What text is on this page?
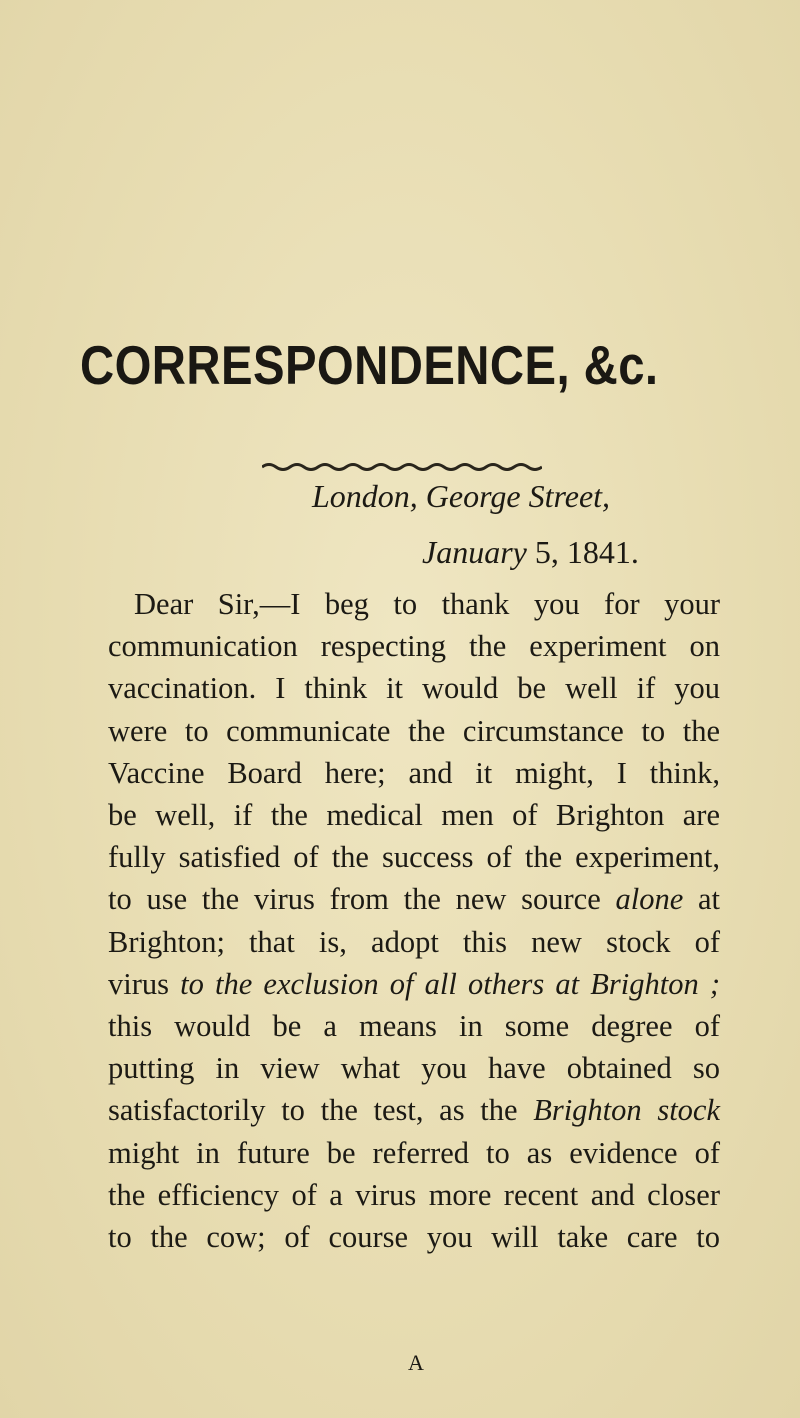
CORRESPONDENCE, &c.
London, George Street,
January 5, 1841.
Dear Sir,—I beg to thank you for your
communication respecting the experiment on
vaccination. I think it would be well if you
were to communicate the circumstance to the
Vaccine Board here; and it might, I think,
be well, if the medical men of Brighton are
fully satisfied of the success of the experiment,
to use the virus from the new source alone at
Brighton; that is, adopt this new stock of
virus to the exclusion of all others at Brighton ;
this would be a means in some degree of
putting in view what you have obtained so
satisfactorily to the test, as the Brighton stock
might in future be referred to as evidence of
the efficiency of a virus more recent and closer
to the cow; of course you will take care to
A
